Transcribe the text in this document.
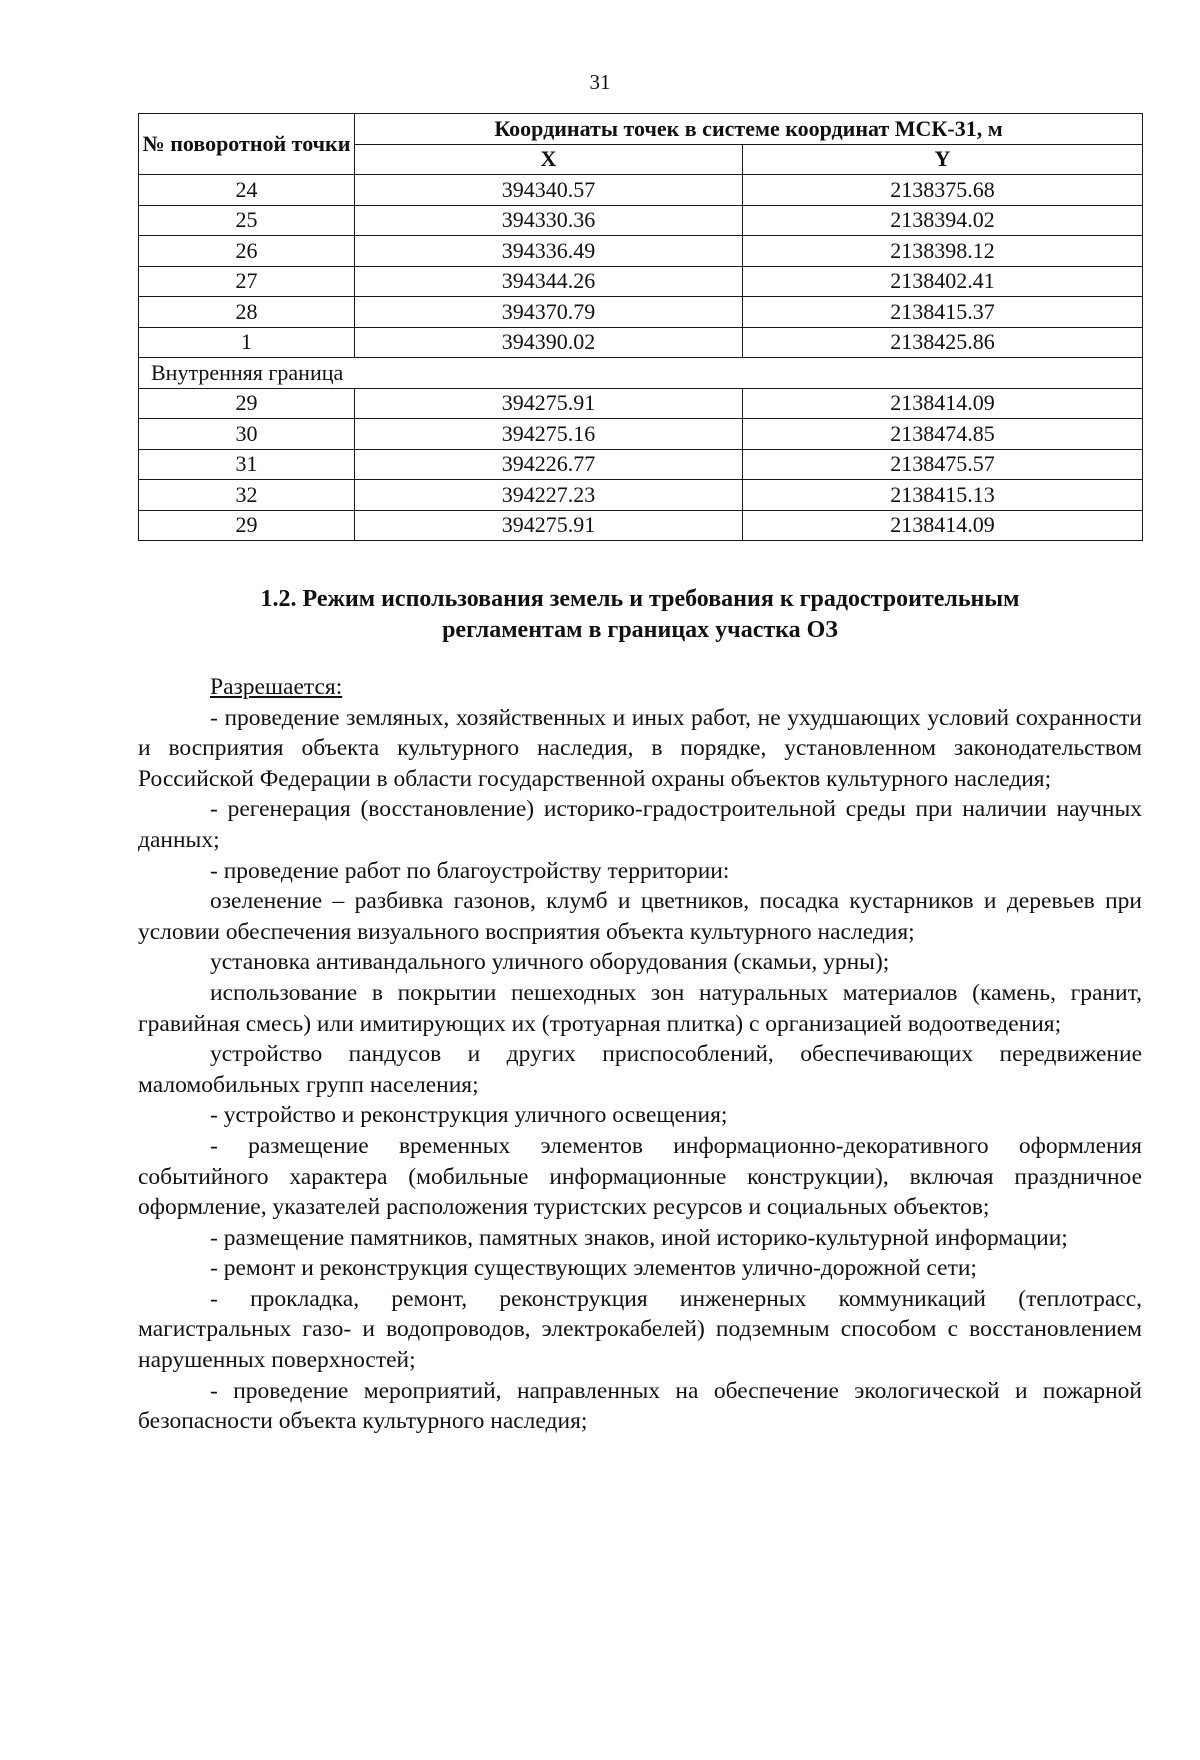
31
№ поворотной точки	Координаты точек в системе координат МСК-31, м	
	X	Y
24	394340.57	2138375.68
25	394330.36	2138394.02
26	394336.49	2138398.12
27	394344.26	2138402.41
28	394370.79	2138415.37
1	394390.02	2138425.86
Внутренняя граница		
29	394275.91	2138414.09
30	394275.16	2138474.85
31	394226.77	2138475.57
32	394227.23	2138415.13
29	394275.91	2138414.09
1.2. Режим использования земель и требования к градостроительным
регламентам в границах участка ОЗ
Разрешается:

- проведение земляных, хозяйственных и иных работ, не ухудшающих условий сохранности и восприятия объекта культурного наследия, в порядке, установленном законодательством Российской Федерации в области государственной охраны объектов культурного наследия;

- регенерация (восстановление) историко-градостроительной среды при наличии научных данных;

- проведение работ по благоустройству территории:

озеленение – разбивка газонов, клумб и цветников, посадка кустарников и деревьев при условии обеспечения визуального восприятия объекта культурного наследия;

установка антивандального уличного оборудования (скамьи, урны);

использование в покрытии пешеходных зон натуральных материалов (камень, гранит, гравийная смесь) или имитирующих их (тротуарная плитка) с организацией водоотведения;

устройство пандусов и других приспособлений, обеспечивающих передвижение маломобильных групп населения;

- устройство и реконструкция уличного освещения;

- размещение временных элементов информационно-декоративного оформления событийного характера (мобильные информационные конструкции), включая праздничное оформление, указателей расположения туристских ресурсов и социальных объектов;

- размещение памятников, памятных знаков, иной историко-культурной информации;

- ремонт и реконструкция существующих элементов улично-дорожной сети;

- прокладка, ремонт, реконструкция инженерных коммуникаций (теплотрасс, магистральных газо- и водопроводов, электрокабелей) подземным способом с восстановлением нарушенных поверхностей;

- проведение мероприятий, направленных на обеспечение экологической и пожарной безопасности объекта культурного наследия;
